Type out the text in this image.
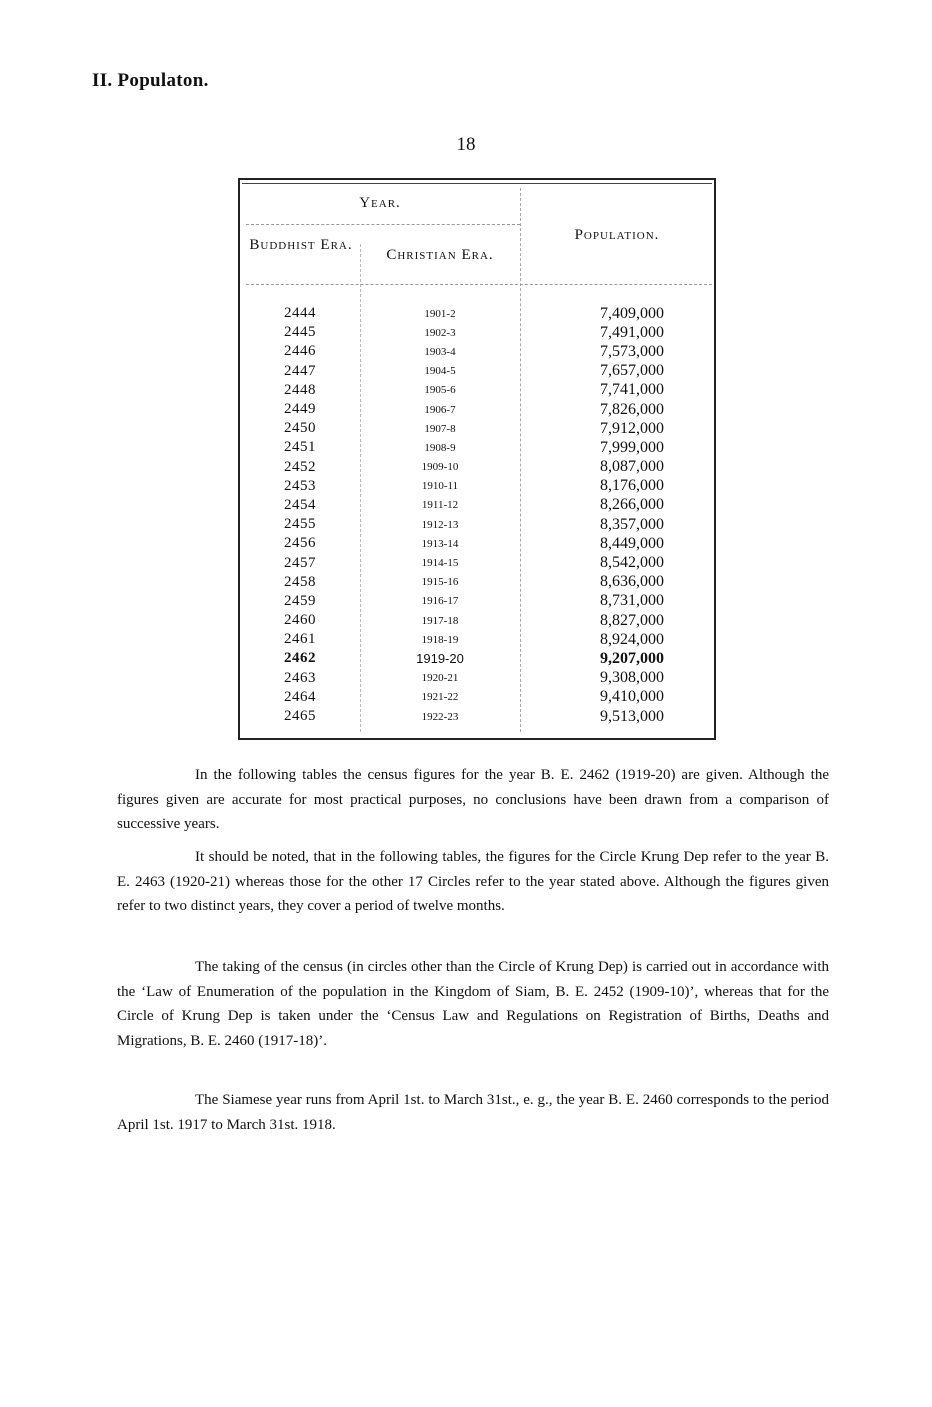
II. Populaton.
18
Year.
Buddhist Era.
Christian Era.
Population.
2444	1901-2	7,409,000
2445	1902-3	7,491,000
2446	1903-4	7,573,000
2447	1904-5	7,657,000
2448	1905-6	7,741,000
2449	1906-7	7,826,000
2450	1907-8	7,912,000
2451	1908-9	7,999,000
2452	1909-10	8,087,000
2453	1910-11	8,176,000
2454	1911-12	8,266,000
2455	1912-13	8,357,000
2456	1913-14	8,449,000
2457	1914-15	8,542,000
2458	1915-16	8,636,000
2459	1916-17	8,731,000
2460	1917-18	8,827,000
2461	1918-19	8,924,000
2462	1919-20	9,207,000
2463	1920-21	9,308,000
2464	1921-22	9,410,000
2465	1922-23	9,513,000

In the following tables the census figures for the year B. E. 2462 (1919-20) are given. Although the figures given are accurate for most practical purposes, no conclusions have been drawn from a comparison of successive years.

It should be noted, that in the following tables, the figures for the Circle Krung Dep refer to the year B. E. 2463 (1920-21) whereas those for the other 17 Circles refer to the year stated above. Although the figures given refer to two distinct years, they cover a period of twelve months.

The taking of the census (in circles other than the Circle of Krung Dep) is carried out in accordance with the ‘Law of Enumeration of the population in the Kingdom of Siam, B. E. 2452 (1909-10)’, whereas that for the Circle of Krung Dep is taken under the ‘Census Law and Regulations on Registration of Births, Deaths and Migrations, B. E. 2460 (1917-18)’.

The Siamese year runs from April 1st. to March 31st., e. g., the year B. E. 2460 corresponds to the period April 1st. 1917 to March 31st. 1918.
